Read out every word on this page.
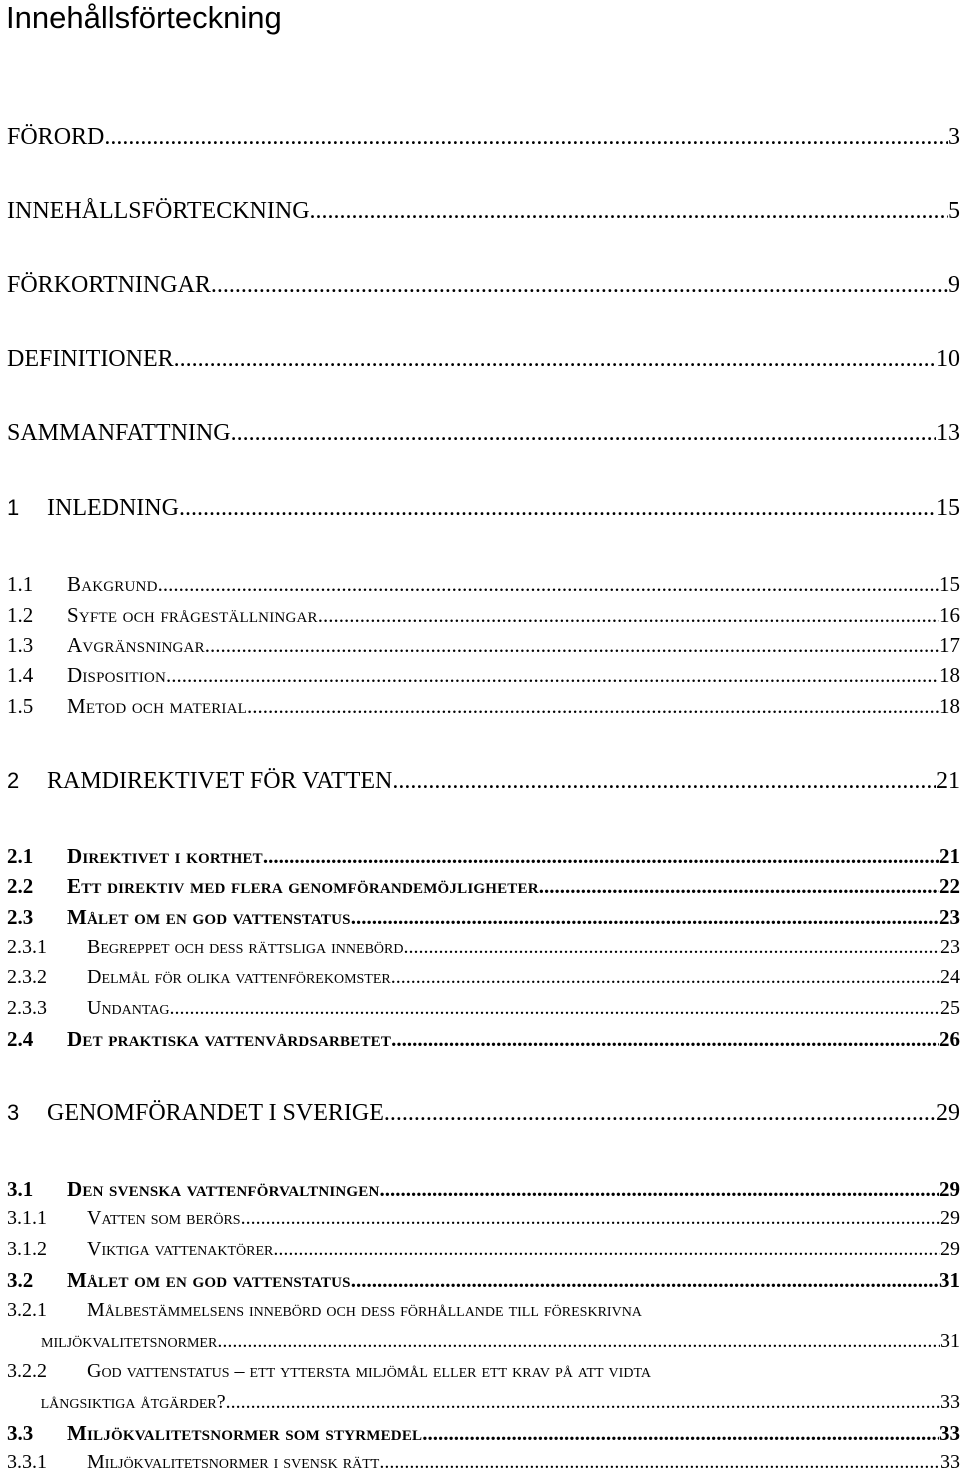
Innehållsförteckning
FÖRORD .....	3
INNEHÅLLSFÖRTECKNING .....	5
FÖRKORTNINGAR .....	9
DEFINITIONER .....	10
SAMMANFATTNING .....	13
1	INLEDNING .....	15
1.1	Bakgrund .....	15
1.2	Syfte och frågeställningar .....	16
1.3	Avgränsningar .....	17
1.4	Disposition .....	18
1.5	Metod och material .....	18
2	RAMDIREKTIVET FÖR VATTEN .....	21
2.1	Direktivet i korthet .....	21
2.2	Ett direktiv med flera genomförandemöjligheter .....	22
2.3	Målet om en god vattenstatus .....	23
2.3.1	Begreppet och dess rättsliga innebörd .....	23
2.3.2	Delmål för olika vattenförekomster .....	24
2.3.3	Undantag .....	25
2.4	Det praktiska vattenvårdsarbetet .....	26
3	GENOMFÖRANDET I SVERIGE .....	29
3.1	Den svenska vattenförvaltningen .....	29
3.1.1	Vatten som berörs .....	29
3.1.2	Viktiga vattenaktörer .....	29
3.2	Målet om en god vattenstatus .....	31
3.2.1	Målbestämmelsens innebörd och dess förhållande till föreskrivna
miljökvalitetsnormer .....	31
3.2.2	God vattenstatus – ett yttersta miljömål eller ett krav på att vidta
långsiktiga åtgärder? .....	33
3.3	Miljökvalitetsnormer som styrmedel .....	33
3.3.1	Miljökvalitetsnormer i svensk rätt .....	33
